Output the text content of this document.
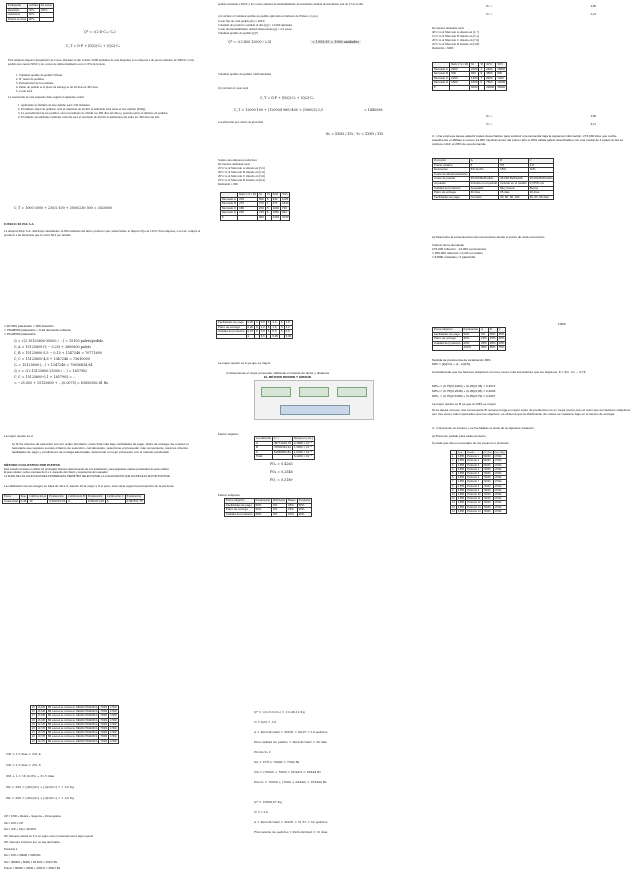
Evaluación	Actitud	No acerto
Resultado	30%	100%
Asistencia	20%	
Prueba en clase	40%	
Q* = √(2·D·C₀ / Cₐ)
C_T = D·P + (D/Q)·C₀ + (Q/2)·Cₐ
Esta empresa importa maquinaria de Corea. Durante el año vendió 3.000 unidades de esta máquina, se le importa a un precio unitario de 3000 €. Cada pedido nos cuesta 300 € y los costes de almacenamiento son el 10% del precio.
1. Volumen óptimo de pedido Wilson.
2. Nº anual de pedidos.
3. Periodicidad de los pedidos.
4. Punto de pedido si el plazo de entrega es de 20 días en 365 días.
5. Coste total
La resolución de este supuesto debe seguir el siguiente orden:
1. Aplicando la fórmula de lote óptimo será: 230 unidades
2. El número anual de pedidos: será el resultado de dividir la demanda total entre el lote óptimo (EOQ).
3. La periodicidad de los pedidos: será el resultado de dividir los 360 días del año (o periodo) entre el número de pedidos
4. El número de unidades vendidas cada día será el resultado de dividir la demanda total entre los 360 días del año
C_T = 1000·3000 + 230/2·100 + 3000/230·300 = 3020000
EJERCICIO PAU S.A.
La empresa PAU S.A. distribuye anualmente 12.000 unidades del único producto que comercializa, al importe fijo de 150 €. Esta empresa, a su vez, compra el producto a un fabricante que le cobra 60 € por unidad.
pedido asciende a 400 € y los costes anuales de mantenimiento de inventario unidad de inventario son de 2,5 € al año.
a) Calcular el volumen óptimo de pedido aplicando el método de Wilson. (1 pto)
Coste fijo de cada pedido (K) = 400 €
Cantidad de producto vendida al año (Q) = 12.000 unidades
Coste de mantenimiento unidad almacenada (g) = 2,5 euros
Volumen óptimo de pedido (Q*)
Q* = √(2·400·12000 / 2,5)	= 1959,95 ≈ 1960 unidades
Volumen óptimo de pedido: 1960 unidades
b) Calcular el coste total
C_T = D·P + (D/Q)·C₀ + (Q/2)·Cₐ
C_T = 12000·100 + (12000/1960)·400 + (1960/2)·2,5	= 1440058
Localización por centro de gravedad
Xc = ΣXiVi / ΣVi ; Yc = ΣYiVi / ΣVi
Somos una empresa productora
De nuestra demanda total:
25% va al Mercado A situado en (5,5)
30% va al Mercado B situado en (1,6)
20% va al Mercado C situado en (5,6)
25% va al Mercado D situado en (6,2)
Demanda = 900
	Dem x % = Di	Xi	Yi	XiVi	YiVi
Mercado A	225	600	5	940	1125
Mercado B	270	270	1	270	1840
Mercado C	180	200	5	1000	720
Mercado D	225	225	6	1566	922
Σ		900		4403	4733
Xc =	4,89
Yc =	5,25
De nuestra demanda total:
40% va al Mercado A situado en (1,7)
15% va al Mercado B situado en (5,1)
20% va al Mercado C situado en (7,6)
25% va al Mercado D situado en (5,8)
Demanda = 6000
	Dem x % = Di	Xi	Yi	XiVi	YiVi
Mercado A	2400	2400	1	2400	16800
Mercado B	900	900	5	4500	900
Mercado C	1200	1200	7	8400	7200
Mercado D	1500	1500	5	7500	12000
Σ		6000		22800	36900
Xc =	3,80
Yc =	6,15
2.- Una empresa desea adquirir palets desechables para sustituir una demanda baja la siguiente información: 273.000 kilos que recibe anualmente en Bilbao a menos 14.000 mientras antes del primer año el 20% cálida palets desechables con una media de 4 palets al día se prefiere cubrir el 20% de esa demanda.
Proveedor	A	B	C
Precio unitario	5	5,5	4,8
Descuento	5% del Pe	15%	10%
Coste de almacenamiento			
Coste de pedido	35.000 Bs/Pedido	45.000 Bs/Pedido	25.000 Bs/Pedido
Impuesto	Incluido en el pedido	Incluido en el pedido	0,075% c/u
Calidad del producto	Aceptable	Muy buena	Buena
Plazo de entrega	30 días	25 días	20 días
Facilidades de pago	Contado	30, 60, 90, 120	30, 60, 90 días
a) Determine la proveniencia más conveniente desde el punto de vista económico.
Cálculo de la demanda:
273.000 reflexión - 14.000 movimientos
= 259.000 reflexión x 0,20 con palets
= 51800 unidades / 4 palets/día
= 207200 palets/año × 365 días/año
= 75628000 palets/año ÷ 0,20 demanda cubierta
= 15125600 palets/año
Q = √(2·15125600·35000 / …) = 15100 palets/pedido
C_A = 15125600·(5 − 0,25) + 2600800 palets
C_B = 15125600·5,5 − 0,15 + 1347246 = 70771600
C_C = 15125600·4,8 + 1347246 = 73610000
Cₜ = 15125600·(…) + 1347246 = 79636434,94
Q_c = √(2·15125600·25000 / …) = 1657902
C_C = 15125600·0,1 + 1657903 = …
= −25,003 + 15125600 + …(0,0075) = 61650562,81 Bs
La mejor opción es A
b) Si los criterios de selección son por orden prioritario: coste final más bajo, facilidades de pago, plazo de entrega. Se empleó el factorante que requiere a estos criterios de selección, considerando, seleccione el proveedor más conveniente, para los criterios facilidades de pago y condiciones de entrega adecuadas, determinar el mejor proveedor con el método ponderado
MÉTODO CUALITATIVO POR PUNTOS
Este método consiste en definir los principales factores determinantes de una localización, para asignarles valores ponderados de peso relativo.
El peso relativo, sobre una base de 0 a 1, depende del criterio y experiencia del evaluador.
LA SUMA DE LAS CALIFICACIONES PONDERADAS PERMITIRÁ SELECCIONAR LA LOCALIZACIÓN QUE ACUMULE EL MAYOR PUNTAJE.
La calificación de los rangos se hará de 10 a 0, siendo 10 la mejor y 0 el peor, esto varía según la percepción de la persona.
Factor	Peso	Calificación A	Ponderación	Calificación B	Ponderación	Calificación C	Ponderación
Coste final	0,35	10	0,35x10=3,5	3	0,35x3=1,05	5	0,35x5=1,75
Facilidades de pago	0,30	3	0,9	8	2,4	6	1,8
Plazo de entrega	0,20	6	1,2	8	1,6	6	1,2
Calidad del producto	0,15	6	0,9	6	0,9	6	0,9
	1		6,5		5,05		5,65
La mejor opción es A ya que es mayor
c) Seleccionar el mejor proveedor utilizando el método de factor y distancia
EL MÉTODO BROWN Y GIBSON
Factor objetivo
Localización	Cᵢ =	Recíproco (1/Cᵢ)
A	45771220,76	2,1848 × 10⁻⁸
B	76609434,94	1,3053 × 10⁻⁸
C	61650562,81	1,6340 × 10⁻⁸
Total		5,1243 × 10⁻⁸
FOₐ = 0,4263
FOᵦ = 0,2548
FO꜀ = 0,3189
Factor subjetivo
Factor subjetivo	Ponderación	Deficiente	Bueno	Excelente
Facilidades de pago	50%	0%	25%	50%
Plazo de entrega	30%	0%	15%	30%
Calidad del producto	20%	0%	10%	20%
100%
Factor subjetivo	Ponderación	A	B	C
Facilidades de pago	50%	0%	50%	25%
Plazo de entrega	30%	15%	15%	30%
Calidad del producto	20%	20%	20%	20%
	100%	35%	85%	75%
Medida de preferencia de localización MPL
MPL = (k)(FOᵢ) + (1 - k)(FSᵢ)
Considerando que los factores subjetivos son tres veces más importantes que los objetivos, K = 3(1 - K) → 0,75
MPLₐ = (0,75)(0,4263) + (0,25)(0,35) = 0,4072
MPLᵦ = (0,75)(0,2548) + (0,25)(0,85) = 0,4036
MPL꜀ = (0,75)(0,3189) + (0,25)(0,75) = 0,4267
La mejor opción es B ya que su MPL es mayor
Si se desea conocer una conveniente B: aunque tenga el mayor coste de producción es un mejor precio pero el resto que los factores subjetivos son tres veces más importantes que los objetivos, se observa que la distribución de costes se mantiene bajo en el tiempo de entrega.
3.- Compra de un insumo y se ha hallado el stock de la siguiente situación:
a) Punto de pedido para cada producto.
b) cada que día es necesario de los insumos o producto
	Sede	Detalle	CF (Bs)	Peso (Kg)
1	3,855	Producto 1	50000	17002
2	3,855	Producto 2	50000	17002
3	3,855	Producto 3	60000	17002
4	3,855	Producto 4	70000	17002
5	3,855	Producto 5	70000	17002
6	3,855	Producto 6	70000	17002
7	3,855	Producto 7	70000	17002
8	3,855	Producto 8	70000	17002
9	3,855	Producto 9	70000	17002
10	3,855	Producto 10	70000	17002
11	3,855	Producto 11	70000	17002
12	3,855	Producto 12	70000	17002
13	3,855	Producto 13	70000	17002
14	3,855	Producto 14	70000	17002
15	23,336	Bill entered as continente: REGRA HIGIÉNICA	70000	17002
16	23,336	Bill entered as continente: REGRA HIGIÉNICA	70000	17002
17	23,336	Bill entered as continente: REGRA HIGIÉNICA	70000	17002
18	23,336	Bill entered as continente: REGRA HIGIÉNICA	70000	17002
19	12,725	Bill entered as continente: REGRA HIGIÉNICA	70000	17002
20	12,725	Bill entered as continente: REGRA HIGIÉNICA	70000	17002
21	10,725	Bill entered as continente: REGRA HIGIÉNICA	70000	17002
22	10,725	Bill entered as continente: REGRA HIGIÉNICA	70000	17002
23	10,725	Bill entered as continente: REGRA HIGIÉNICA	70000	17002
NPᵢ = 2 3 dias = 231,4
NPᵢ = 2 3 dias = 251,5
ΣM + L = 16 (0,05) → 31,5 dias
ΣKᵢ = 200 = [(D/Q)Cᵢ] + [(Q/2)Cₐ] ≈ 1 1/2 Kg
ΣKᵢ = 200 ≈ [(D/Q)Cᵢ] + [(Q/2)Cₐ] ≈ 1 1/2 Kg
CP = FOR + Retuts + Seguros + Otros gastos
SA = 10% x CP
NA = (CP + SA) x 36,94%
Nb: Siempre stored on 3 in on signs more in Internal cost 2 days reports
OP: Siempre minimum E p no hay decimales
Producto 1
SA = 10% x 50000 = 5000 Bs
NA = (50000 + 5000) x 36,94% = 20317 Bs
Precio = 50000 + (5000 + 20317) = 45317 Bs
Q* = √(2·D·C₀/Cₐ) = 11146,12 Kg
N = D/Q = 1,6
A = Periodicidad = 360/N = 99,97 = 10 pedidos
Pres.unidad de pedido = Periodicidad = 36 dias
Producto 2
SA = 10% x 70000 = 7000 Bs
NA = (70000 + 7000) x 36,94% = 28444 Bs
Precio = 70000 + (7000 + 28444) = 105444 Bs
Q* = 13669,67 Kg
N = 1,14
A = Periodicidad = 360/N = 31,57 ≈ 32 pedidos
Frecuencia de pedidos = Periodicidad = 12 días
